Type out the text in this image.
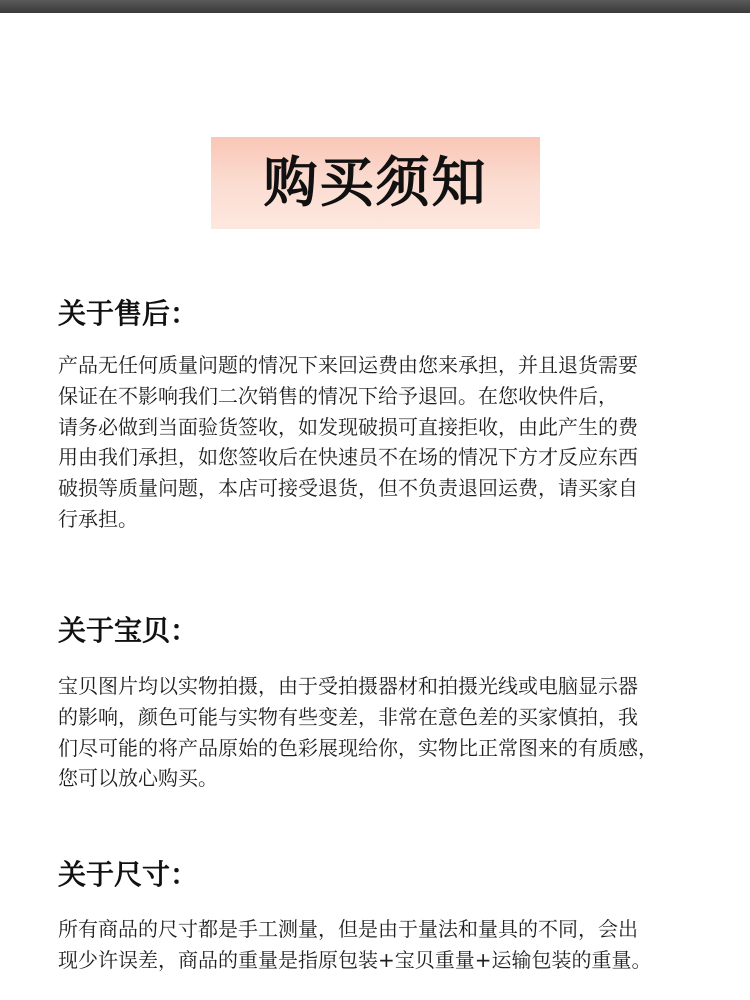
购买须知
关于售后：

产品无任何质量问题的情况下来回运费由您来承担，并且退货需要
保证在不影响我们二次销售的情况下给予退回。在您收快件后，
请务必做到当面验货签收，如发现破损可直接拒收，由此产生的费
用由我们承担，如您签收后在快速员不在场的情况下方才反应东西
破损等质量问题，本店可接受退货，但不负责退回运费，请买家自
行承担。

关于宝贝：

宝贝图片均以实物拍摄，由于受拍摄器材和拍摄光线或电脑显示器
的影响，颜色可能与实物有些变差，非常在意色差的买家慎拍，我
们尽可能的将产品原始的色彩展现给你，实物比正常图来的有质感，
您可以放心购买。

关于尺寸：

所有商品的尺寸都是手工测量，但是由于量法和量具的不同，会出
现少许误差，商品的重量是指原包装+宝贝重量+运输包装的重量。
